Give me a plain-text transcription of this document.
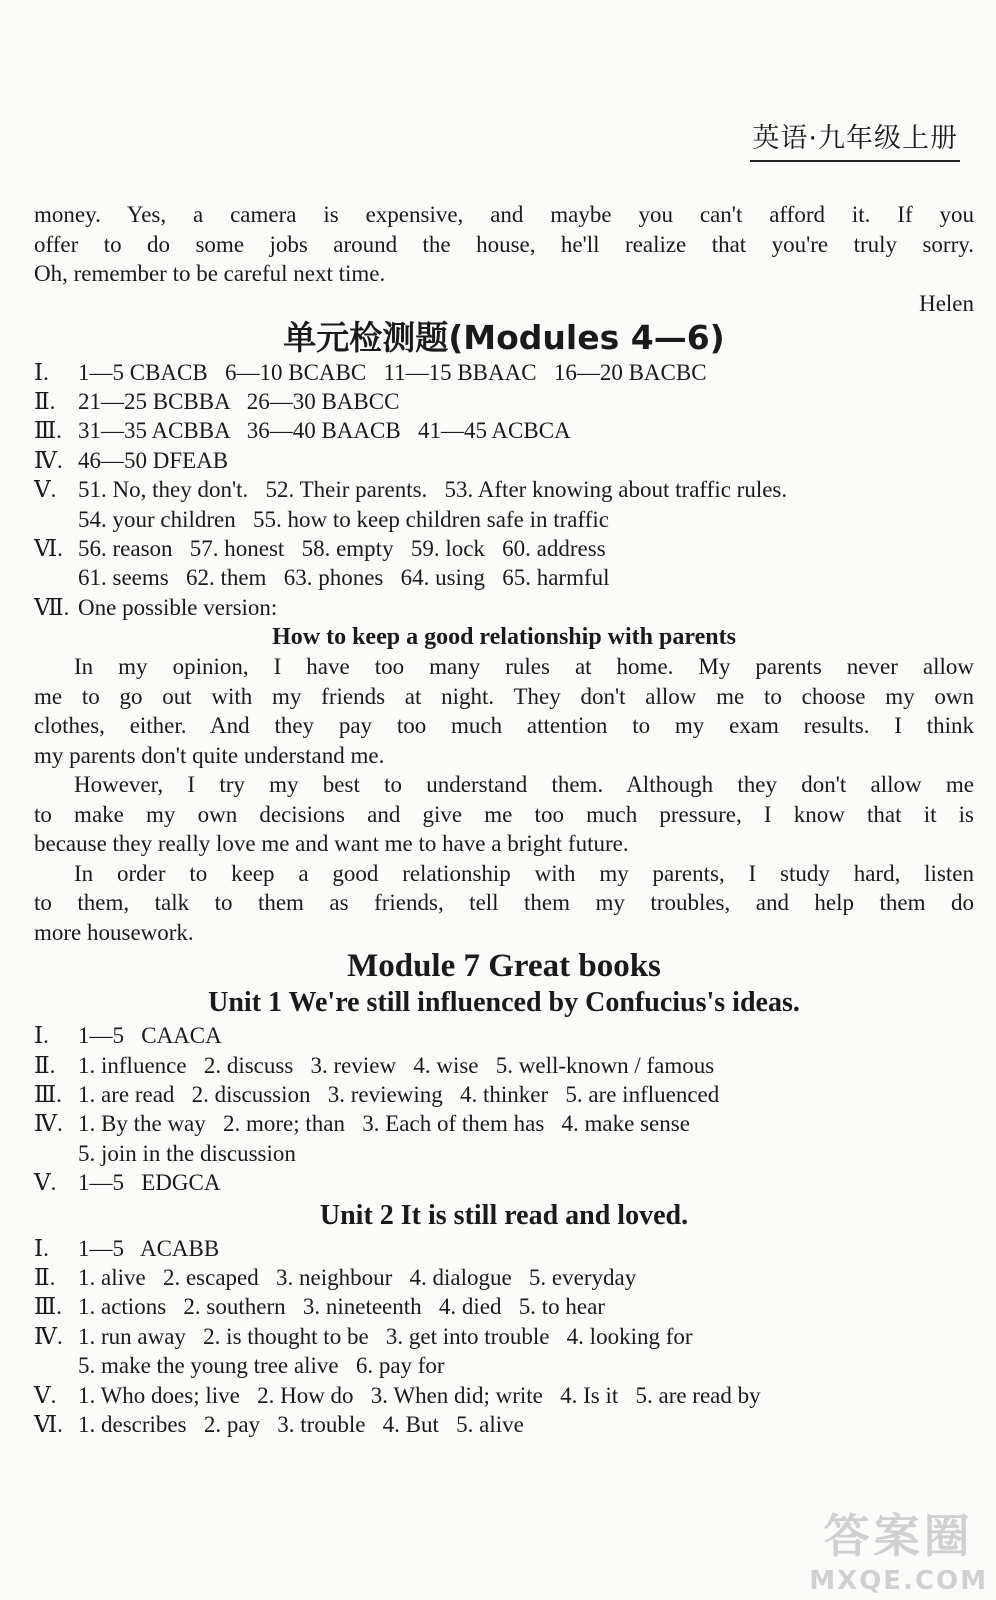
英语·九年级上册

money. Yes, a camera is expensive, and maybe you can't afford it. If you

offer to do some jobs around the house, he'll realize that you're truly sorry.

Oh, remember to be careful next time.

Helen

单元检测题(Modules 4—6)

Ⅰ. 1—5 CBACB   6—10 BCABC   11—15 BBAAC   16—20 BACBC

Ⅱ. 21—25 BCBBA   26—30 BABCC

Ⅲ. 31—35 ACBBA   36—40 BAACB   41—45 ACBCA

Ⅳ. 46—50 DFEAB

Ⅴ. 51. No, they don't.   52. Their parents.   53. After knowing about traffic rules.

54. your children   55. how to keep children safe in traffic

Ⅵ. 56. reason   57. honest   58. empty   59. lock   60. address

61. seems   62. them   63. phones   64. using   65. harmful

Ⅶ. One possible version:

How to keep a good relationship with parents

In my opinion, I have too many rules at home. My parents never allow

me to go out with my friends at night. They don't allow me to choose my own

clothes, either. And they pay too much attention to my exam results. I think

my parents don't quite understand me.

However, I try my best to understand them. Although they don't allow me

to make my own decisions and give me too much pressure, I know that it is

because they really love me and want me to have a bright future.

In order to keep a good relationship with my parents, I study hard, listen

to them, talk to them as friends, tell them my troubles, and help them do

more housework.

Module 7 Great books

Unit 1 We're still influenced by Confucius's ideas.

Ⅰ. 1—5   CAACA

Ⅱ. 1. influence   2. discuss   3. review   4. wise   5. well-known / famous

Ⅲ. 1. are read   2. discussion   3. reviewing   4. thinker   5. are influenced

Ⅳ. 1. By the way   2. more; than   3. Each of them has   4. make sense

5. join in the discussion

Ⅴ. 1—5   EDGCA

Unit 2 It is still read and loved.

Ⅰ. 1—5   ACABB

Ⅱ. 1. alive   2. escaped   3. neighbour   4. dialogue   5. everyday

Ⅲ. 1. actions   2. southern   3. nineteenth   4. died   5. to hear

Ⅳ. 1. run away   2. is thought to be   3. get into trouble   4. looking for

5. make the young tree alive   6. pay for

Ⅴ. 1. Who does; live   2. How do   3. When did; write   4. Is it   5. are read by

Ⅵ. 1. describes   2. pay   3. trouble   4. But   5. alive

答案圈
MXQE.COM
